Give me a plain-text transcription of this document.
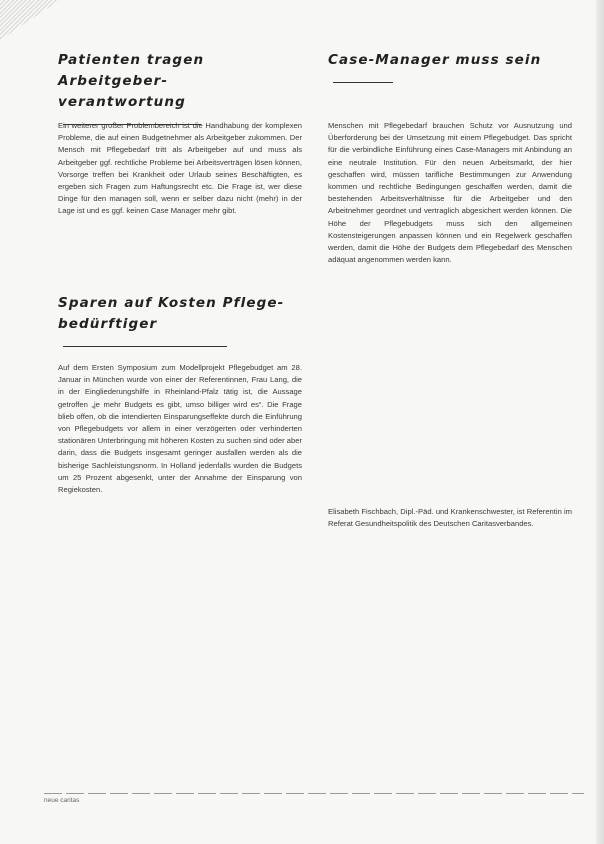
Patienten tragen Arbeitgeber-
verantwortung

Ein weiterer großer Problembereich ist die Handhabung der komplexen Probleme, die auf einen Budgetnehmer als Arbeitgeber zukommen. Der Mensch mit Pflegebedarf tritt als Arbeitgeber auf und muss als Arbeitgeber ggf. rechtliche Probleme bei Arbeitsverträgen lösen können, Vorsorge treffen bei Krankheit oder Urlaub seines Beschäftigten, es ergeben sich Fragen zum Haftungsrecht etc. Die Frage ist, wer diese Dinge für den managen soll, wenn er selber dazu nicht (mehr) in der Lage ist und es ggf. keinen Case Manager mehr gibt.

Sparen auf Kosten Pflege-
bedürftiger

Auf dem Ersten Symposium zum Modellprojekt Pflegebudget am 28. Januar in München wurde von einer der Referentinnen, Frau Lang, die in der Eingliederungshilfe in Rheinland-Pfalz tätig ist, die Aussage getroffen „je mehr Budgets es gibt, umso billiger wird es“. Die Frage blieb offen, ob die intendierten Einsparungseffekte durch die Einführung von Pflegebudgets vor allem in einer verzögerten oder verhinderten stationären Unterbringung mit höheren Kosten zu suchen sind oder aber darin, dass die Budgets insgesamt geringer ausfallen werden als die bisherige Sachleistungsnorm. In Holland jedenfalls wurden die Budgets um 25 Prozent abgesenkt, unter der Annahme der Einsparung von Regiekosten.

Case-Manager muss sein

Menschen mit Pflegebedarf brauchen Schutz vor Ausnutzung und Überforderung bei der Umsetzung mit einem Pflegebudget. Das spricht für die verbindliche Einführung eines Case-Managers mit Anbindung an eine neutrale Institution. Für den neuen Arbeitsmarkt, der hier geschaffen wird, müssen tarifliche Bestimmungen zur Anwendung kommen und rechtliche Bedingungen geschaffen werden, damit die bestehenden Arbeitsverhältnisse für die Arbeitgeber und den Arbeitnehmer geordnet und vertraglich abgesichert werden können. Die Höhe der Pflegebudgets muss sich den allgemeinen Kostensteigerungen anpassen können und ein Regelwerk geschaffen werden, damit die Höhe der Budgets dem Pflegebedarf des Menschen adäquat angenommen werden kann.

Elisabeth Fischbach, Dipl.-Päd. und Krankenschwester, ist Referentin im Referat Gesundheitspolitik des Deutschen Caritasverbandes.

neue caritas
